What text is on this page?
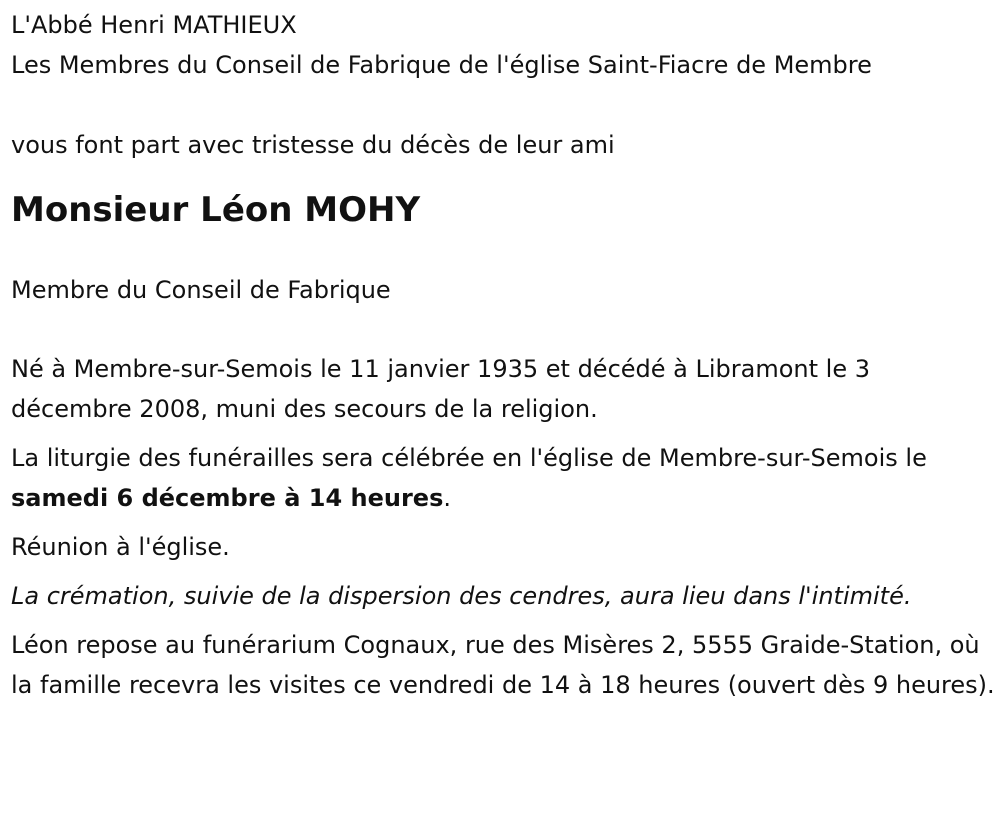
L'Abbé Henri MATHIEUX

Les Membres du Conseil de Fabrique de l'église Saint-Fiacre de Membre

vous font part avec tristesse du décès de leur ami

Monsieur Léon MOHY

Membre du Conseil de Fabrique

Né à Membre-sur-Semois le 11 janvier 1935 et décédé à Libramont le 3 décembre 2008, muni des secours de la religion.

La liturgie des funérailles sera célébrée en l'église de Membre-sur-Semois le samedi 6 décembre à 14 heures.

Réunion à l'église.

La crémation, suivie de la dispersion des cendres, aura lieu dans l'intimité.

Léon repose au funérarium Cognaux, rue des Misères 2, 5555 Graide-Station, où la famille recevra les visites ce vendredi de 14 à 18 heures (ouvert dès 9 heures).
